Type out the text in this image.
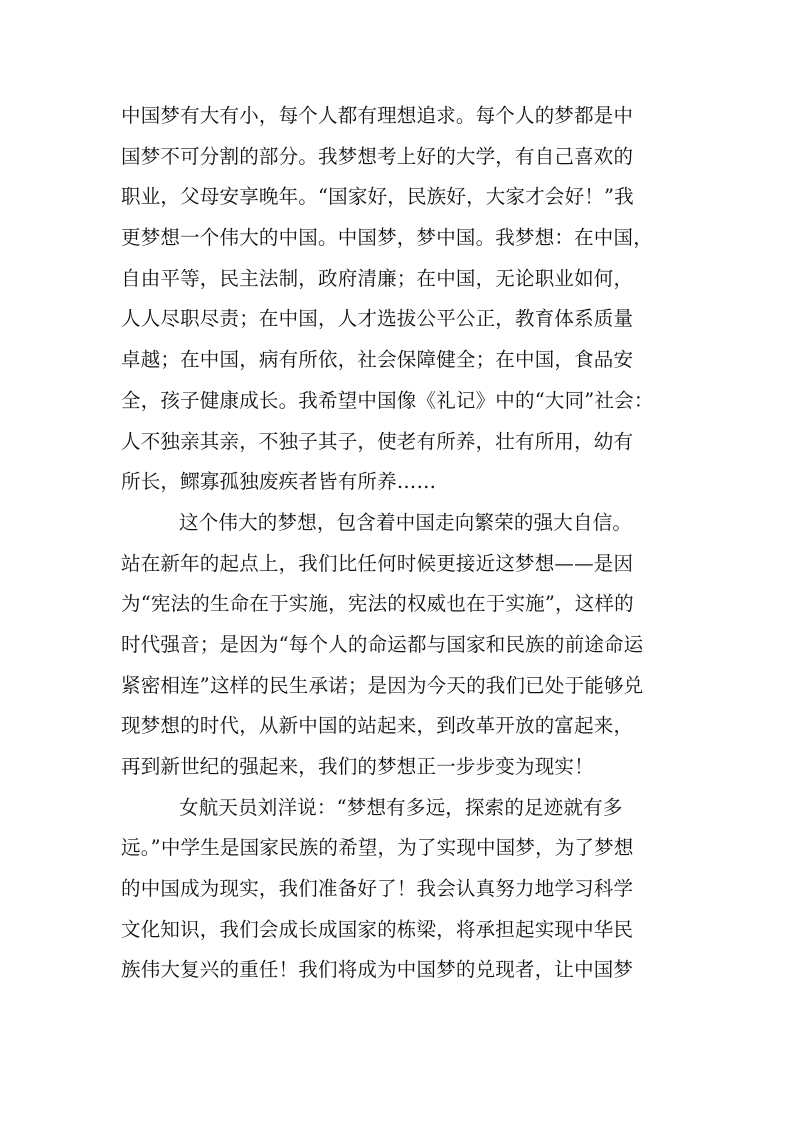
中国梦有大有小，每个人都有理想追求。每个人的梦都是中
国梦不可分割的部分。我梦想考上好的大学，有自己喜欢的
职业，父母安享晚年。“国家好，民族好，大家才会好！”我
更梦想一个伟大的中国。中国梦，梦中国。我梦想：在中国，
自由平等，民主法制，政府清廉；在中国，无论职业如何，
人人尽职尽责；在中国，人才选拔公平公正，教育体系质量
卓越；在中国，病有所依，社会保障健全；在中国，食品安
全，孩子健康成长。我希望中国像《礼记》中的“大同”社会：
人不独亲其亲，不独子其子，使老有所养，壮有所用，幼有
所长，鳏寡孤独废疾者皆有所养……
这个伟大的梦想，包含着中国走向繁荣的强大自信。
站在新年的起点上，我们比任何时候更接近这梦想——是因
为“宪法的生命在于实施，宪法的权威也在于实施”，这样的
时代强音；是因为“每个人的命运都与国家和民族的前途命运
紧密相连”这样的民生承诺；是因为今天的我们已处于能够兑
现梦想的时代，从新中国的站起来，到改革开放的富起来，
再到新世纪的强起来，我们的梦想正一步步变为现实！
女航天员刘洋说：“梦想有多远，探索的足迹就有多
远。”中学生是国家民族的希望，为了实现中国梦，为了梦想
的中国成为现实，我们准备好了！我会认真努力地学习科学
文化知识，我们会成长成国家的栋梁，将承担起实现中华民
族伟大复兴的重任！我们将成为中国梦的兑现者，让中国梦
